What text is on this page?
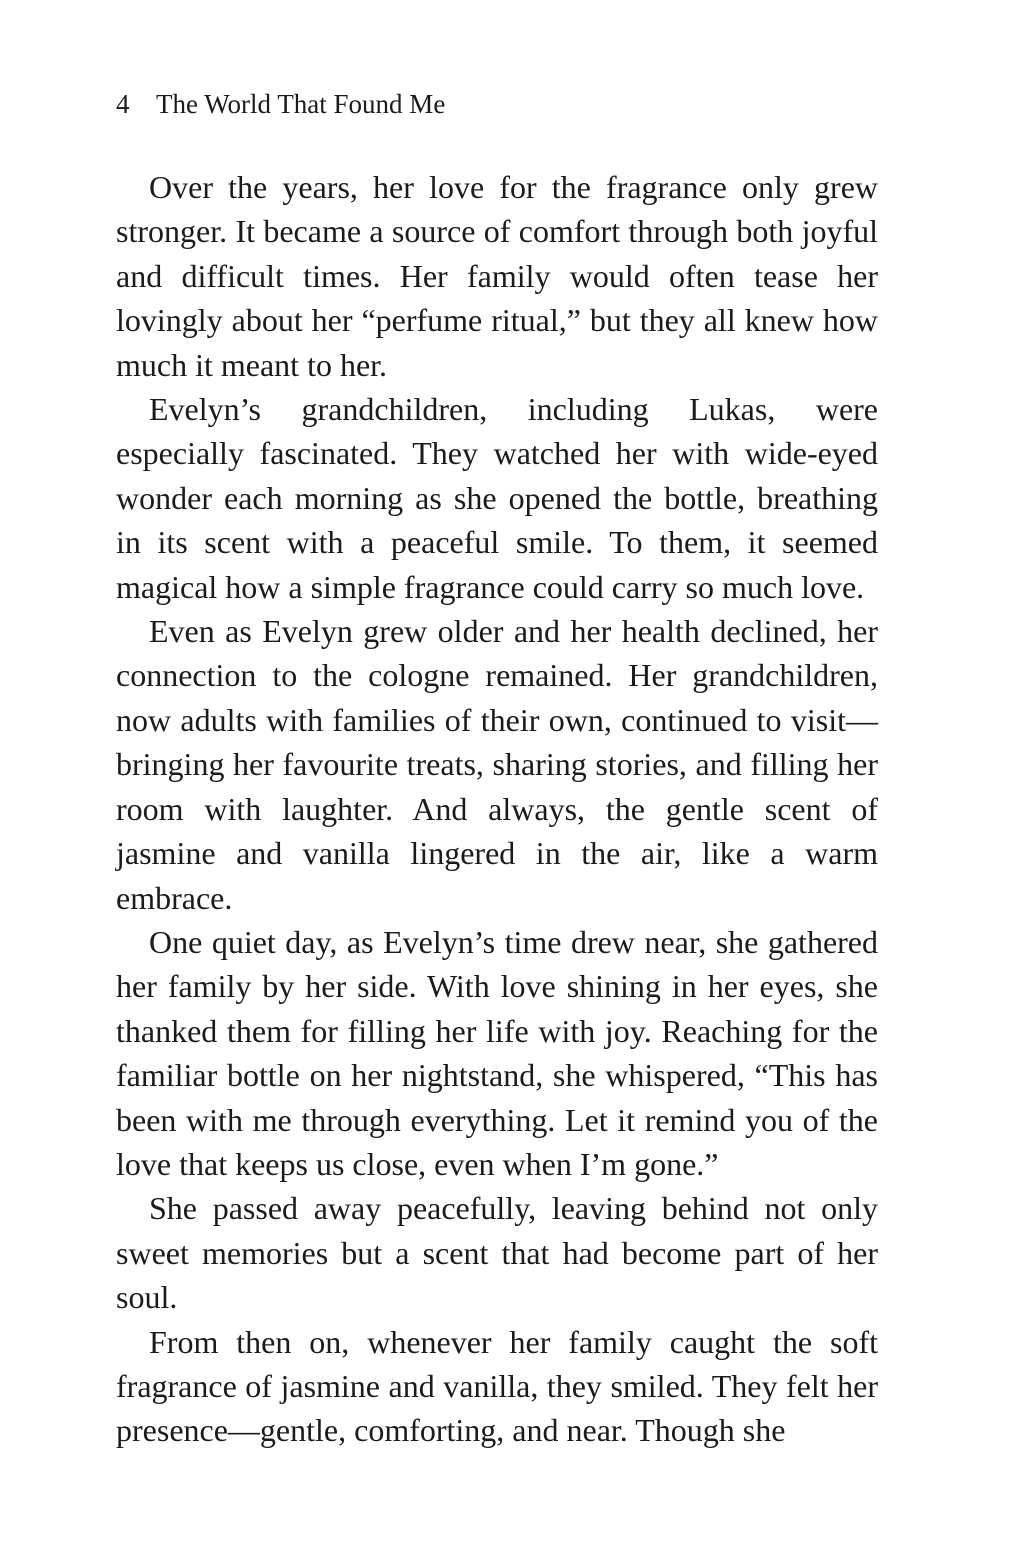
4 The World That Found Me

Over the years, her love for the fragrance only grew stronger. It became a source of comfort through both joyful and difficult times. Her family would often tease her lovingly about her “perfume ritual,” but they all knew how much it meant to her.

Evelyn’s grandchildren, including Lukas, were especially fascinated. They watched her with wide-eyed wonder each morning as she opened the bottle, breathing in its scent with a peaceful smile. To them, it seemed magical how a simple fragrance could carry so much love.

Even as Evelyn grew older and her health declined, her connection to the cologne remained. Her grandchildren, now adults with families of their own, continued to visit—bringing her favourite treats, sharing stories, and filling her room with laughter. And always, the gentle scent of jasmine and vanilla lingered in the air, like a warm embrace.

One quiet day, as Evelyn’s time drew near, she gathered her family by her side. With love shining in her eyes, she thanked them for filling her life with joy. Reaching for the familiar bottle on her nightstand, she whispered, “This has been with me through everything. Let it remind you of the love that keeps us close, even when I’m gone.”

She passed away peacefully, leaving behind not only sweet memories but a scent that had become part of her soul.

From then on, whenever her family caught the soft fragrance of jasmine and vanilla, they smiled. They felt her presence—gentle, comforting, and near. Though she
